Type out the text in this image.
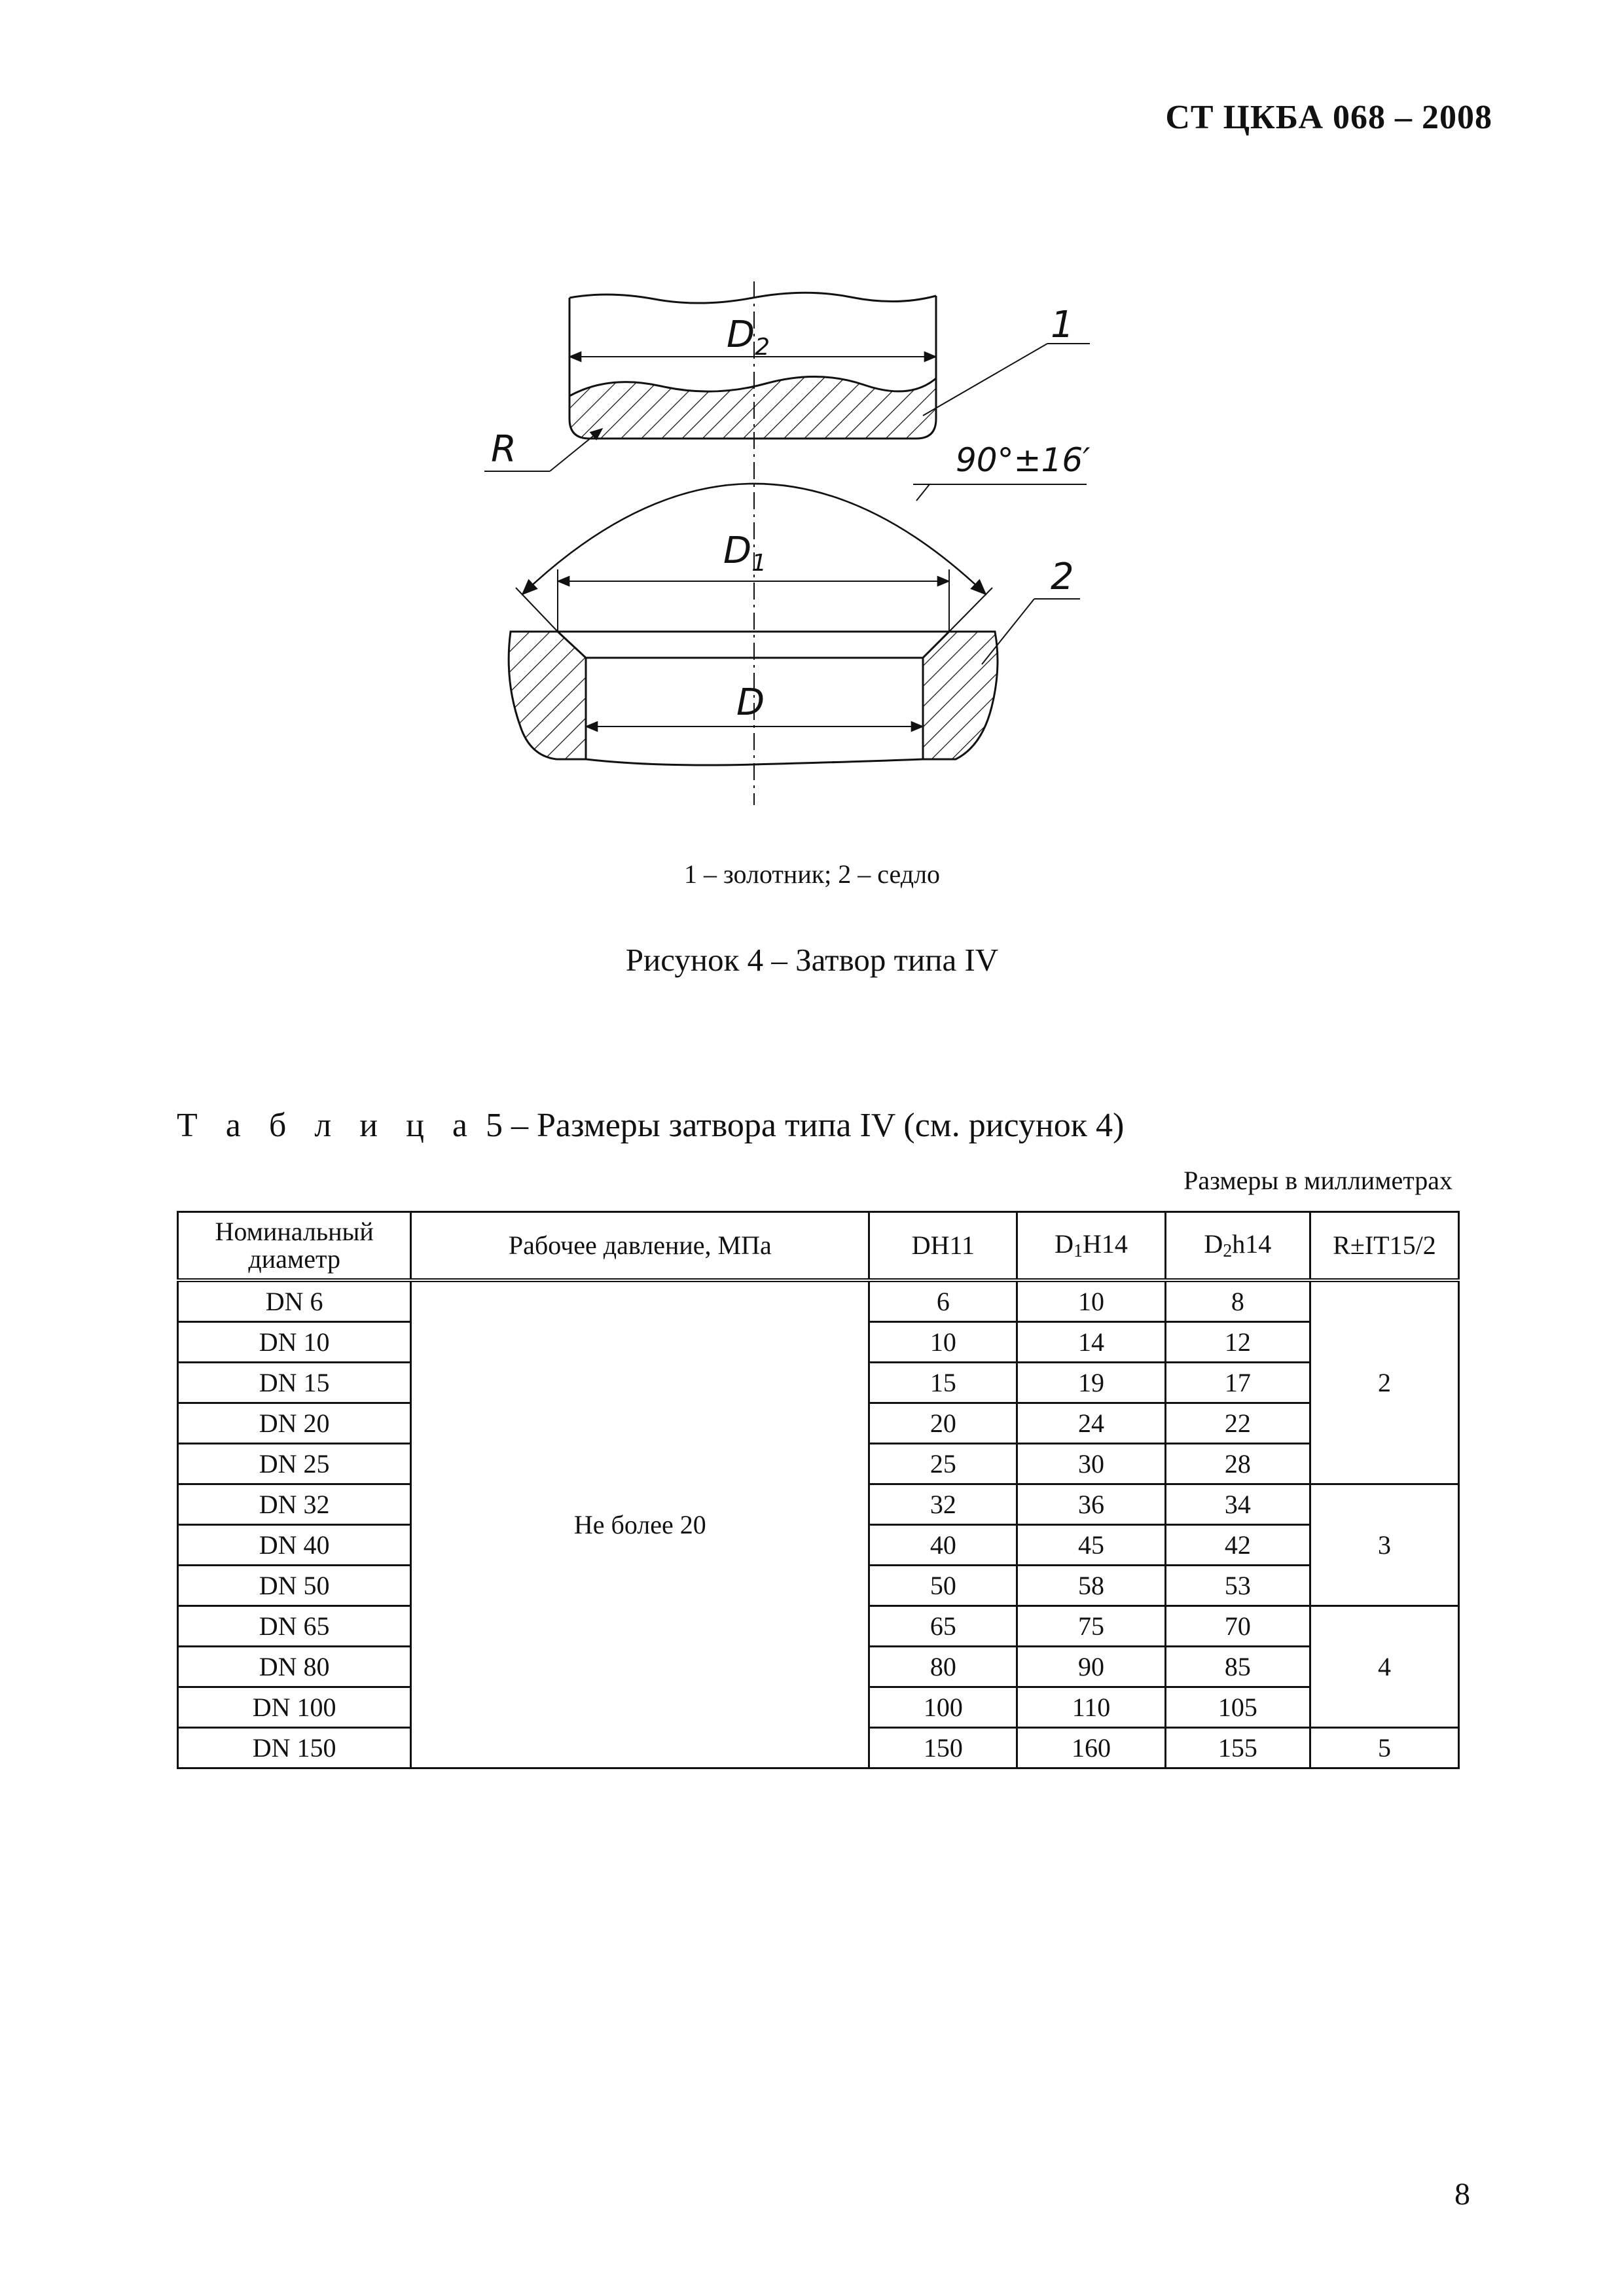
СТ ЦКБА 068 – 2008
$D_2$
1
R	90°±16′
$D_1$	2
D
1 – золотник; 2 – седло
Рисунок 4 – Затвор типа IV
Т а б л и ц а 5 – Размеры затвора типа IV (см. рисунок 4)
Размеры в миллиметрах
Номинальный диаметр	Рабочее давление, МПа	DH11	$D_1H14$	$D_2h14$	R±IT15/2
DN 6	Не более 20	6	10	8	2
DN 10		10	14	12	
DN 15		15	19	17	
DN 20		20	24	22	
DN 25		25	30	28	
DN 32		32	36	34	3
DN 40		40	45	42	
DN 50		50	58	53	
DN 65		65	75	70	4
DN 80		80	90	85	
DN 100		100	110	105	
DN 150		150	160	155	5
8
